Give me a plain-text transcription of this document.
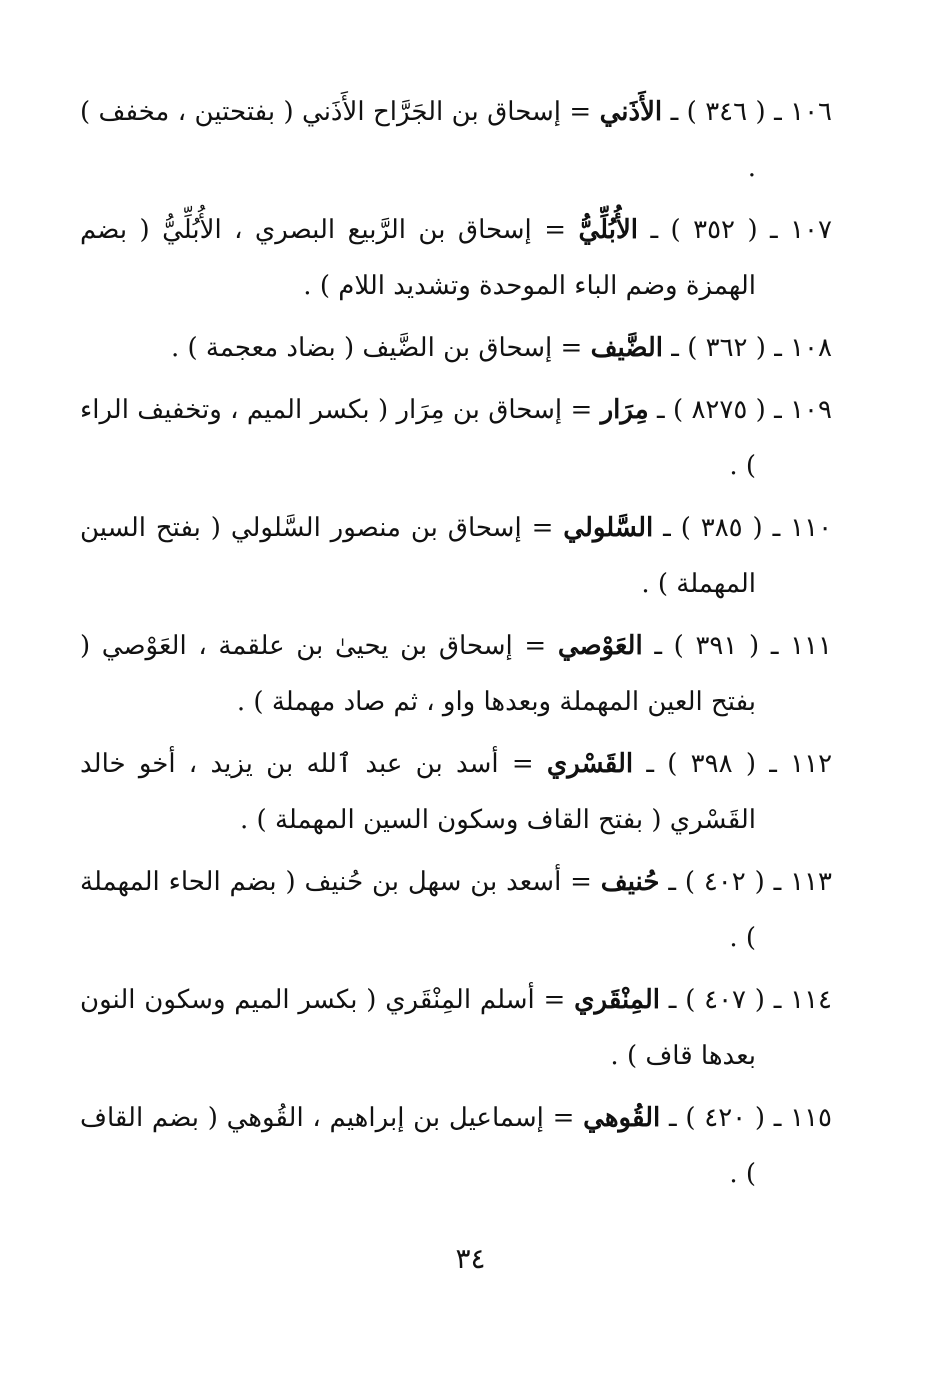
١٠٦ ـ ( ٣٤٦ ) ـ الأَذَني = إسحاق بن الجَرَّاح الأَذَني ( بفتحتين ، مخفف ) .

١٠٧ ـ ( ٣٥٢ ) ـ الأُبُلِّيُّ = إسحاق بن الرَّبيع البصري ، الأُبُلِّيُّ ( بضم الهمزة وضم الباء الموحدة وتشديد اللام ) .

١٠٨ ـ ( ٣٦٢ ) ـ الضَّيف = إسحاق بن الضَّيف ( بضاد معجمة ) .

١٠٩ ـ ( ٨٢٧٥ ) ـ مِرَار = إسحاق بن مِرَار ( بكسر الميم ، وتخفيف الراء ) .

١١٠ ـ ( ٣٨٥ ) ـ السَّلولي = إسحاق بن منصور السَّلولي ( بفتح السين المهملة ) .

١١١ ـ ( ٣٩١ ) ـ العَوْصي = إسحاق بن يحيىٰ بن علقمة ، العَوْصي ( بفتح العين المهملة وبعدها واو ، ثم صاد مهملة ) .

١١٢ ـ ( ٣٩٨ ) ـ القَسْري = أسد بن عبد ٱلله بن يزيد ، أخو خالد القَسْري ( بفتح القاف وسكون السين المهملة ) .

١١٣ ـ ( ٤٠٢ ) ـ حُنيف = أسعد بن سهل بن حُنيف ( بضم الحاء المهملة ) .

١١٤ ـ ( ٤٠٧ ) ـ المِنْقَري = أسلم المِنْقَري ( بكسر الميم وسكون النون بعدها قاف ) .

١١٥ ـ ( ٤٢٠ ) ـ القُوهي = إسماعيل بن إبراهيم ، القُوهي ( بضم القاف ) .

٣٤
